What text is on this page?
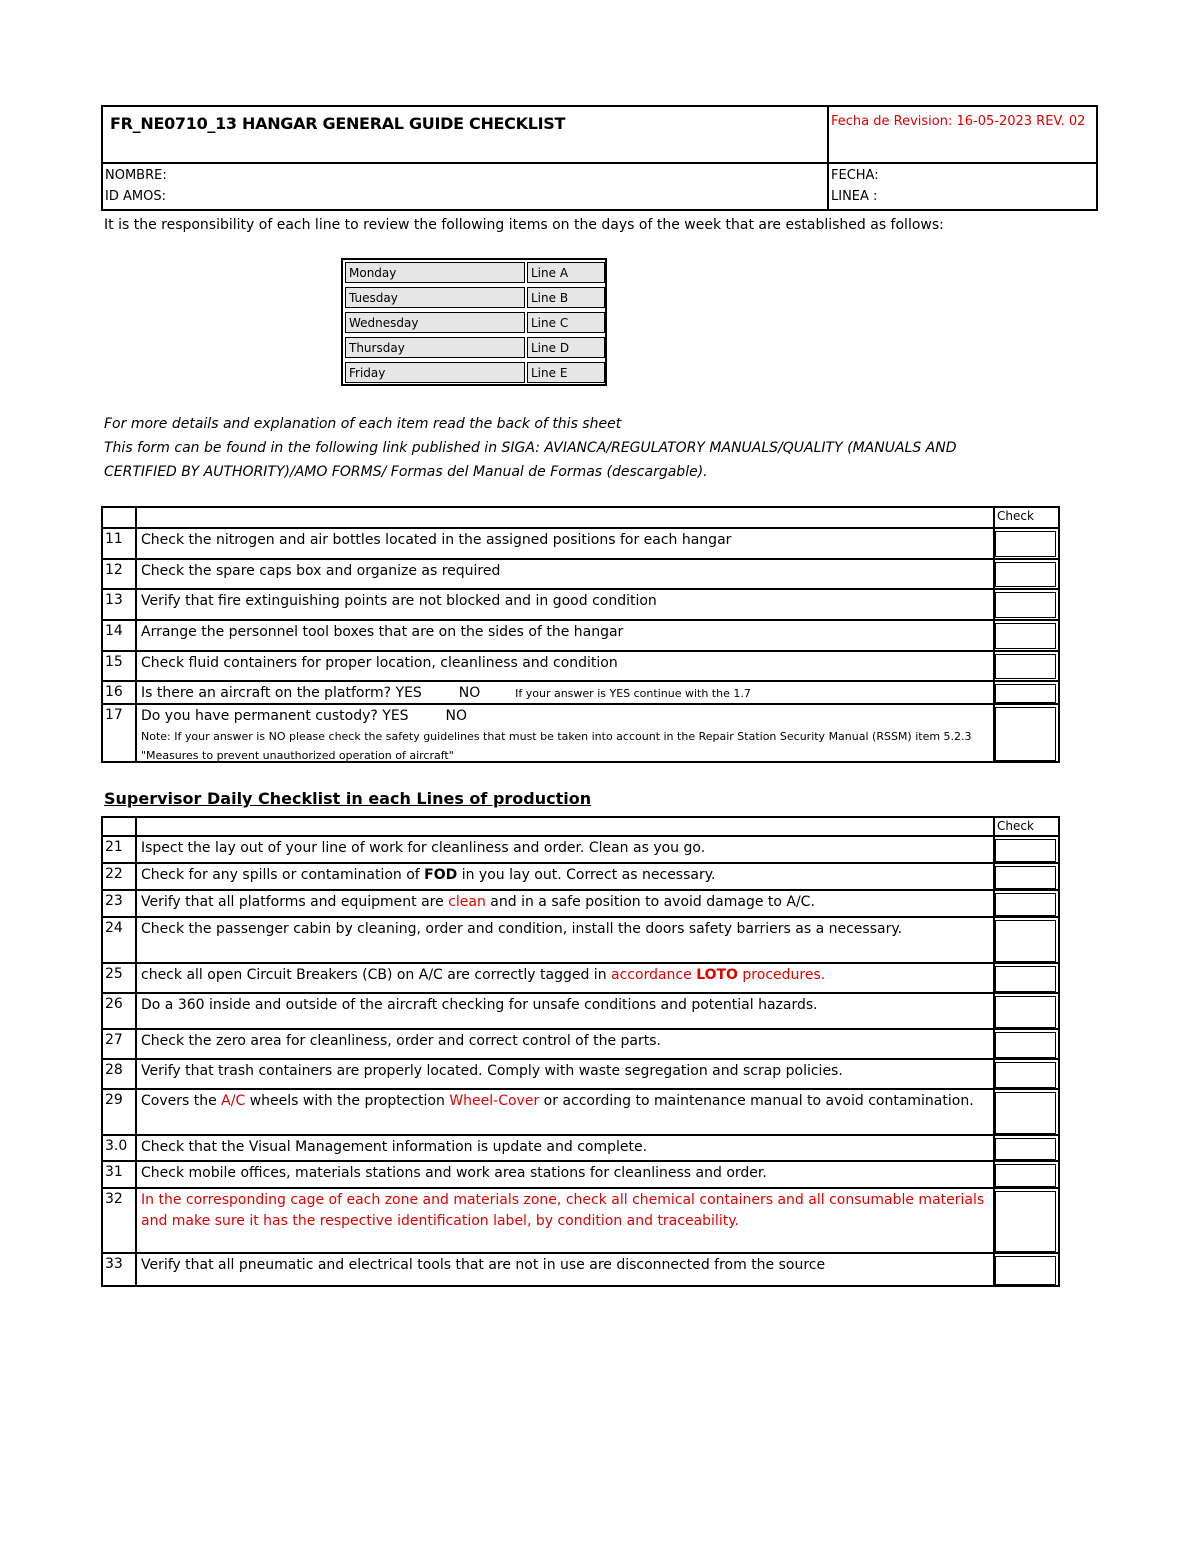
FR_NE0710_13 HANGAR GENERAL GUIDE CHECKLIST	Fecha de Revision: 16-05-2023 REV. 02
NOMBRE:
ID AMOS:
FECHA:
LINEA :
It is the responsibility of each line to review the following items on the days of the week that are established as follows:
Monday	Line A
Tuesday	Line B
Wednesday	Line C
Thursday	Line D
Friday	Line E
For more details and explanation of each item read the back of this sheet
This form can be found in the following link published in SIGA: AVIANCA/REGULATORY MANUALS/QUALITY (MANUALS AND CERTIFIED BY AUTHORITY)/AMO FORMS/ Formas del Manual de Formas (descargable).
Check
11 Check the nitrogen and air bottles located in the assigned positions for each hangar
12 Check the spare caps box and organize as required
13 Verify that fire extinguishing points are not blocked and in good condition
14 Arrange the personnel tool boxes that are on the sides of the hangar
15 Check fluid containers for proper location, cleanliness and condition
16 Is there an aircraft on the platform? YES	NO	If your answer is YES continue with the 1.7
17 Do you have permanent custody? YES	NO
Note: If your answer is NO please check the safety guidelines that must be taken into account in the Repair Station Security Manual (RSSM) item 5.2.3 "Measures to prevent unauthorized operation of aircraft"
Supervisor Daily Checklist in each Lines of production
Check
21 Ispect the lay out of your line of work for cleanliness and order. Clean as you go.
22 Check for any spills or contamination of FOD in you lay out. Correct as necessary.
23 Verify that all platforms and equipment are clean and in a safe position to avoid damage to A/C.
24 Check the passenger cabin by cleaning, order and condition, install the doors safety barriers as a necessary.
25 check all open Circuit Breakers (CB) on A/C are correctly tagged in accordance LOTO procedures.
26 Do a 360 inside and outside of the aircraft checking for unsafe conditions and potential hazards.
27 Check the zero area for cleanliness, order and correct control of the parts.
28 Verify that trash containers are properly located. Comply with waste segregation and scrap policies.
29 Covers the A/C wheels with the proptection Wheel-Cover or according to maintenance manual to avoid contamination.
3.0 Check that the Visual Management information is update and complete.
31 Check mobile offices, materials stations and work area stations for cleanliness and order.
32 In the corresponding cage of each zone and materials zone, check all chemical containers and all consumable materials and make sure it has the respective identification label, by condition and traceability.
33 Verify that all pneumatic and electrical tools that are not in use are disconnected from the source
